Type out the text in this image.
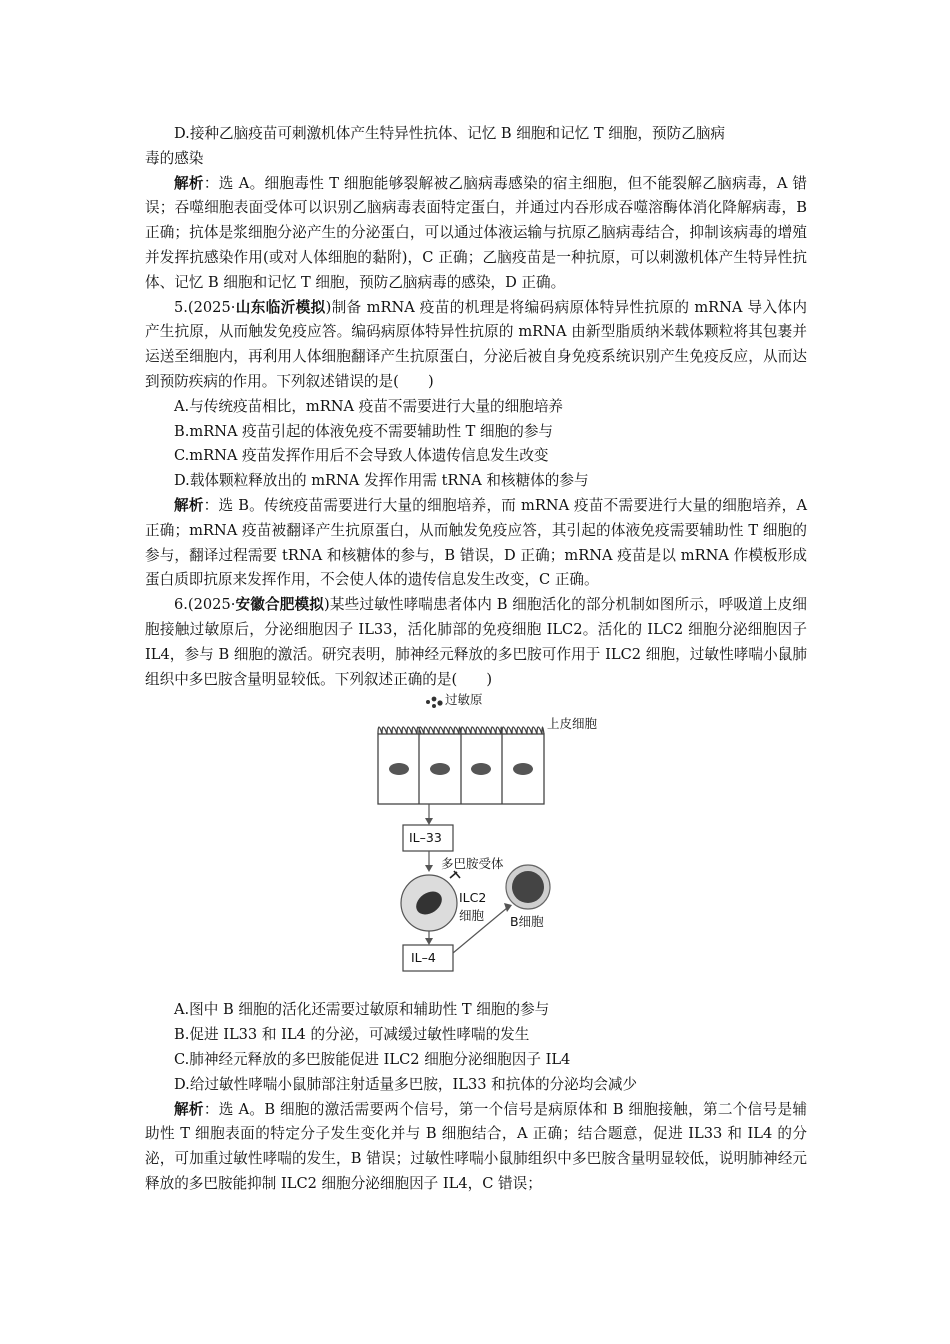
D.接种乙脑疫苗可刺激机体产生特异性抗体、记忆 B 细胞和记忆 T 细胞，预防乙脑病
毒的感染

解析：选 A。细胞毒性 T 细胞能够裂解被乙脑病毒感染的宿主细胞，但不能裂解乙脑病毒，A 错误；吞噬细胞表面受体可以识别乙脑病毒表面特定蛋白，并通过内吞形成吞噬溶酶体消化降解病毒，B 正确；抗体是浆细胞分泌产生的分泌蛋白，可以通过体液运输与抗原乙脑病毒结合，抑制该病毒的增殖并发挥抗感染作用(或对人体细胞的黏附)，C 正确；乙脑疫苗是一种抗原，可以刺激机体产生特异性抗体、记忆 B 细胞和记忆 T 细胞，预防乙脑病毒的感染，D 正确。

5.(2025·山东临沂模拟)制备 mRNA 疫苗的机理是将编码病原体特异性抗原的 mRNA 导入体内产生抗原，从而触发免疫应答。编码病原体特异性抗原的 mRNA 由新型脂质纳米载体颗粒将其包裹并运送至细胞内，再利用人体细胞翻译产生抗原蛋白，分泌后被自身免疫系统识别产生免疫反应，从而达到预防疾病的作用。下列叙述错误的是(　　)

A.与传统疫苗相比，mRNA 疫苗不需要进行大量的细胞培养

B.mRNA 疫苗引起的体液免疫不需要辅助性 T 细胞的参与

C.mRNA 疫苗发挥作用后不会导致人体遗传信息发生改变

D.载体颗粒释放出的 mRNA 发挥作用需 tRNA 和核糖体的参与

解析：选 B。传统疫苗需要进行大量的细胞培养，而 mRNA 疫苗不需要进行大量的细胞培养，A 正确；mRNA 疫苗被翻译产生抗原蛋白，从而触发免疫应答，其引起的体液免疫需要辅助性 T 细胞的参与，翻译过程需要 tRNA 和核糖体的参与，B 错误，D 正确；mRNA 疫苗是以 mRNA 作模板形成蛋白质即抗原来发挥作用，不会使人体的遗传信息发生改变，C 正确。

6.(2025·安徽合肥模拟)某些过敏性哮喘患者体内 B 细胞活化的部分机制如图所示，呼吸道上皮细胞接触过敏原后，分泌细胞因子 IL33，活化肺部的免疫细胞 ILC2。活化的 ILC2 细胞分泌细胞因子 IL4，参与 B 细胞的激活。研究表明，肺神经元释放的多巴胺可作用于 ILC2 细胞，过敏性哮喘小鼠肺组织中多巴胺含量明显较低。下列叙述正确的是(　　)

过敏原
上皮细胞
IL–33
多巴胺受体
ILC2
细胞 B细胞
IL–4

A.图中 B 细胞的活化还需要过敏原和辅助性 T 细胞的参与

B.促进 IL33 和 IL4 的分泌，可减缓过敏性哮喘的发生

C.肺神经元释放的多巴胺能促进 ILC2 细胞分泌细胞因子 IL4

D.给过敏性哮喘小鼠肺部注射适量多巴胺，IL33 和抗体的分泌均会减少

解析：选 A。B 细胞的激活需要两个信号，第一个信号是病原体和 B 细胞接触，第二个信号是辅助性 T 细胞表面的特定分子发生变化并与 B 细胞结合，A 正确；结合题意，促进 IL33 和 IL4 的分泌，可加重过敏性哮喘的发生，B 错误；过敏性哮喘小鼠肺组织中多巴胺含量明显较低，说明肺神经元释放的多巴胺能抑制 ILC2 细胞分泌细胞因子 IL4，C 错误；
